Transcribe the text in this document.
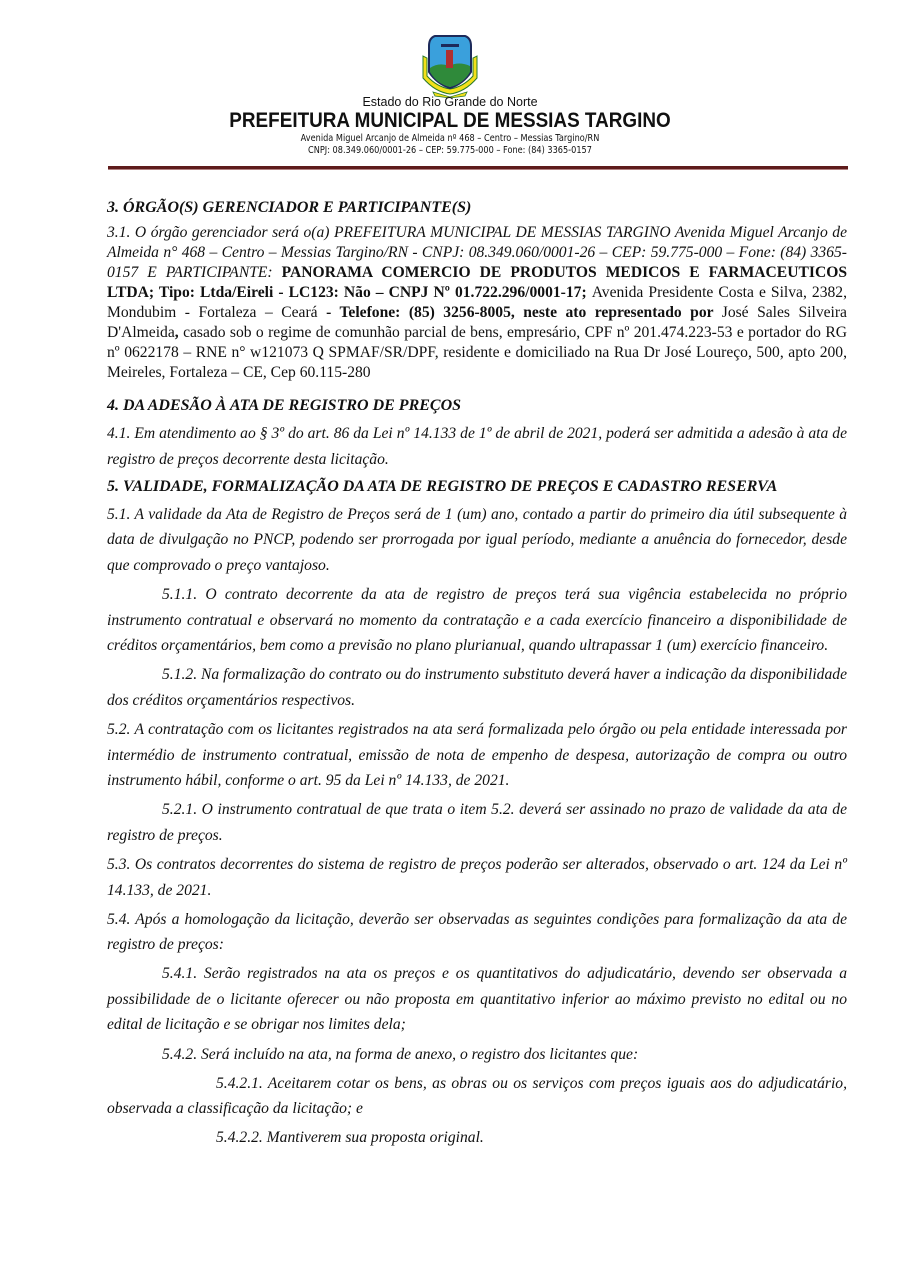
Estado do Rio Grande do Norte
PREFEITURA MUNICIPAL DE MESSIAS TARGINO
Avenida Miguel Arcanjo de Almeida nº 468 – Centro – Messias Targino/RN
CNPJ: 08.349.060/0001-26 – CEP: 59.775-000 – Fone: (84) 3365-0157
3. ÓRGÃO(S) GERENCIADOR E PARTICIPANTE(S)

3.1. O órgão gerenciador será o(a) PREFEITURA MUNICIPAL DE MESSIAS TARGINO Avenida Miguel Arcanjo de Almeida n° 468 – Centro – Messias Targino/RN - CNPJ: 08.349.060/0001-26 – CEP: 59.775-000 – Fone: (84) 3365-0157 E PARTICIPANTE: PANORAMA COMERCIO DE PRODUTOS MEDICOS E FARMACEUTICOS LTDA; Tipo: Ltda/Eireli - LC123: Não – CNPJ Nº 01.722.296/0001-17; Avenida Presidente Costa e Silva, 2382, Mondubim - Fortaleza – Ceará - Telefone: (85) 3256-8005, neste ato representado por José Sales Silveira D'Almeida, casado sob o regime de comunhão parcial de bens, empresário, CPF nº 201.474.223-53 e portador do RG nº 0622178 – RNE n° w121073 Q SPMAF/SR/DPF, residente e domiciliado na Rua Dr José Loureço, 500, apto 200, Meireles, Fortaleza – CE, Cep 60.115-280

4. DA ADESÃO À ATA DE REGISTRO DE PREÇOS

4.1. Em atendimento ao § 3º do art. 86 da Lei nº 14.133 de 1º de abril de 2021, poderá ser admitida a adesão à ata de registro de preços decorrente desta licitação.

5. VALIDADE, FORMALIZAÇÃO DA ATA DE REGISTRO DE PREÇOS E CADASTRO RESERVA

5.1. A validade da Ata de Registro de Preços será de 1 (um) ano, contado a partir do primeiro dia útil subsequente à data de divulgação no PNCP, podendo ser prorrogada por igual período, mediante a anuência do fornecedor, desde que comprovado o preço vantajoso.

5.1.1. O contrato decorrente da ata de registro de preços terá sua vigência estabelecida no próprio instrumento contratual e observará no momento da contratação e a cada exercício financeiro a disponibilidade de créditos orçamentários, bem como a previsão no plano plurianual, quando ultrapassar 1 (um) exercício financeiro.

5.1.2. Na formalização do contrato ou do instrumento substituto deverá haver a indicação da disponibilidade dos créditos orçamentários respectivos.

5.2. A contratação com os licitantes registrados na ata será formalizada pelo órgão ou pela entidade interessada por intermédio de instrumento contratual, emissão de nota de empenho de despesa, autorização de compra ou outro instrumento hábil, conforme o art. 95 da Lei nº 14.133, de 2021.

5.2.1. O instrumento contratual de que trata o item 5.2. deverá ser assinado no prazo de validade da ata de registro de preços.

5.3. Os contratos decorrentes do sistema de registro de preços poderão ser alterados, observado o art. 124 da Lei nº 14.133, de 2021.

5.4. Após a homologação da licitação, deverão ser observadas as seguintes condições para formalização da ata de registro de preços:

5.4.1. Serão registrados na ata os preços e os quantitativos do adjudicatário, devendo ser observada a possibilidade de o licitante oferecer ou não proposta em quantitativo inferior ao máximo previsto no edital ou no edital de licitação e se obrigar nos limites dela;

5.4.2. Será incluído na ata, na forma de anexo, o registro dos licitantes que:

5.4.2.1. Aceitarem cotar os bens, as obras ou os serviços com preços iguais aos do adjudicatário, observada a classificação da licitação; e

5.4.2.2. Mantiverem sua proposta original.
